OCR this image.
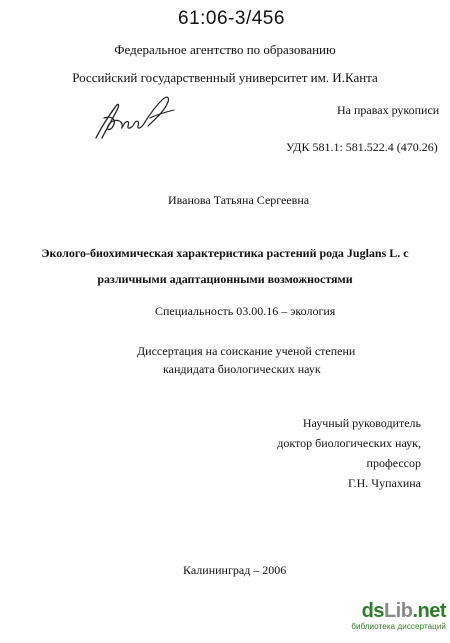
61:06-3/456
Федеральное агентство по образованию
Российский государственный университет им. И.Канта
На правах рукописи
УДК 581.1: 581.522.4 (470.26)
Иванова Татьяна Сергеевна
Эколого-биохимическая характеристика растений рода Juglans L. с
различными адаптационными возможностями
Специальность 03.00.16 – экология
Диссертация на соискание ученой степени
кандидата биологических наук
Научный руководитель
доктор биологических наук,
профессор
Г.Н. Чупахина
Калининград – 2006
dsLib.net
библиотека диссертаций
